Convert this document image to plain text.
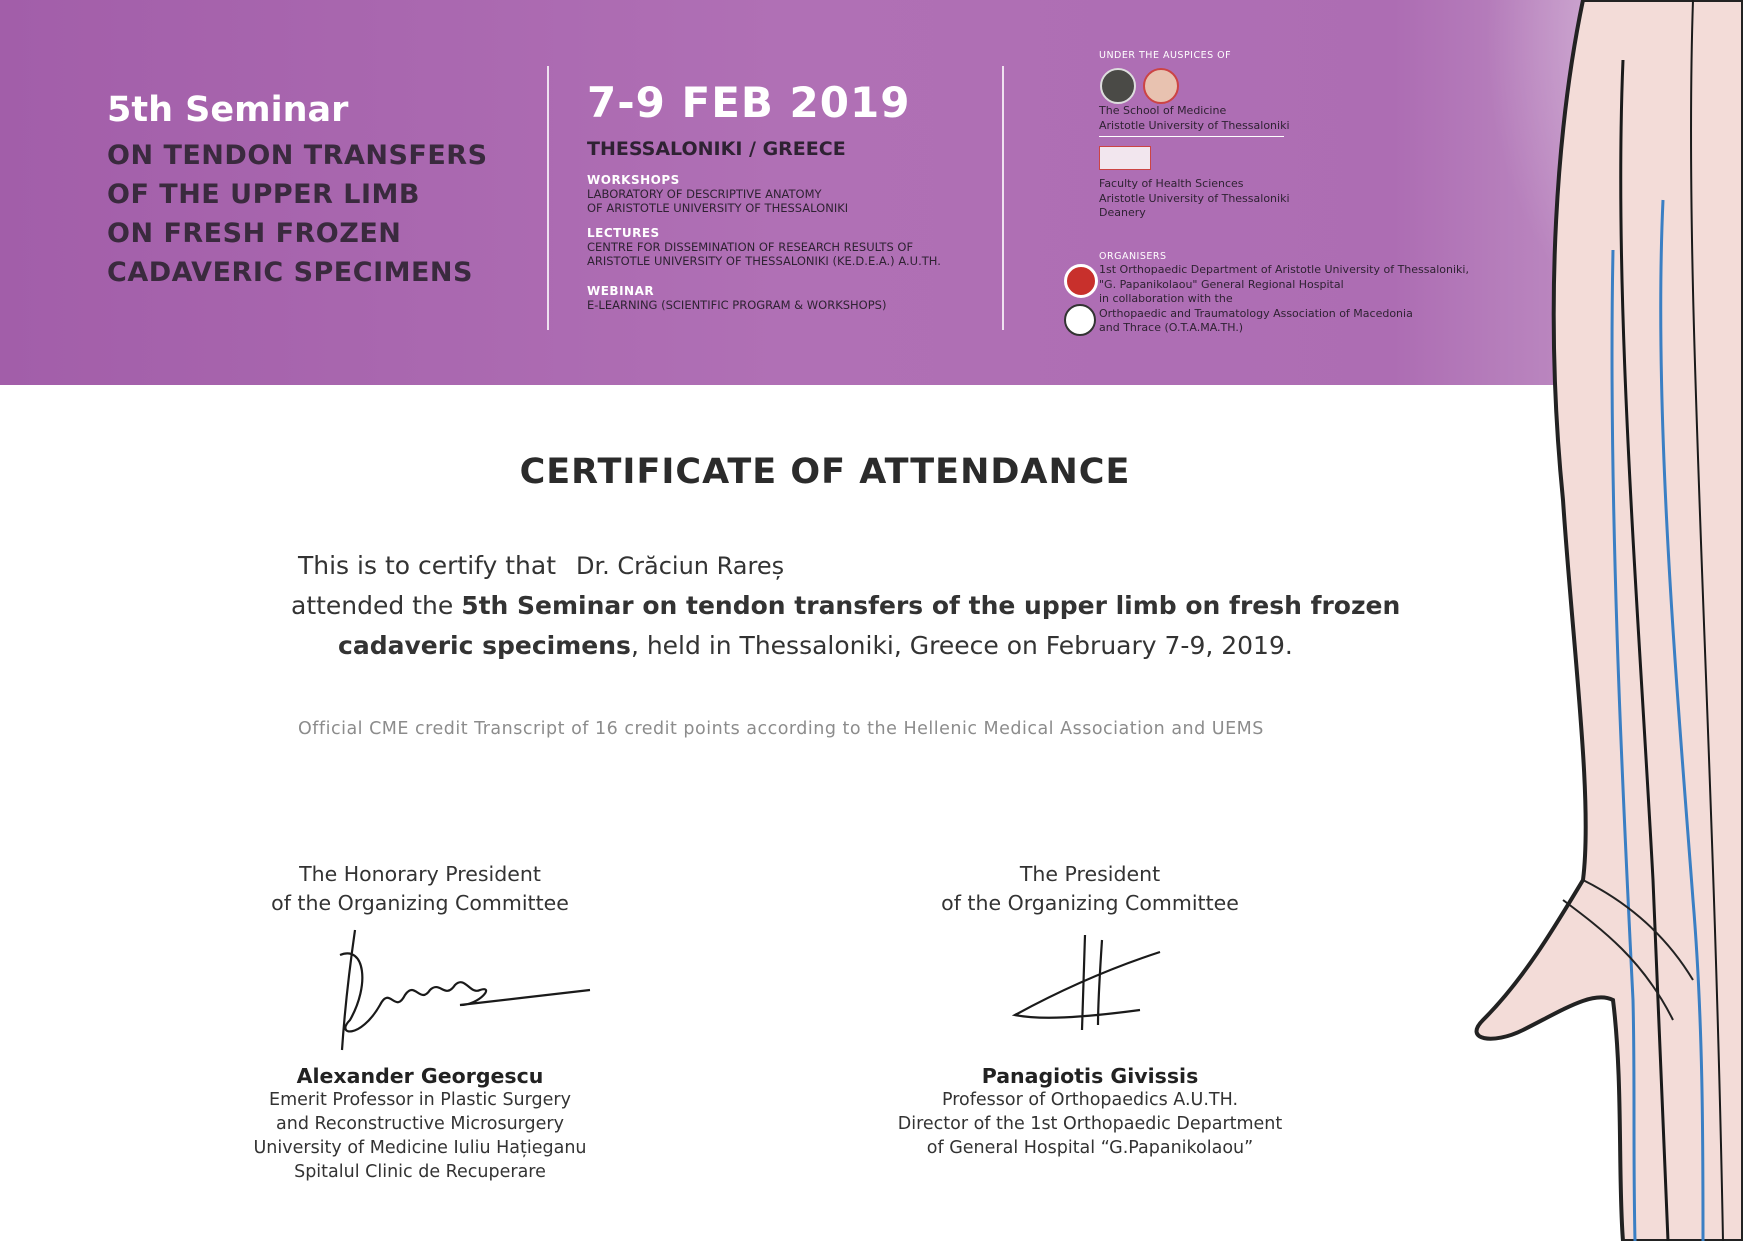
5th Seminar
ON TENDON TRANSFERS
OF THE UPPER LIMB
ON FRESH FROZEN
CADAVERIC SPECIMENS
7-9 FEB 2019
THESSALONIKI / GREECE
WORKSHOPS
LABORATORY OF DESCRIPTIVE ANATOMY
OF ARISTOTLE UNIVERSITY OF THESSALONIKI
LECTURES
CENTRE FOR DISSEMINATION OF RESEARCH RESULTS OF
ARISTOTLE UNIVERSITY OF THESSALONIKI (KE.D.E.A.) A.U.TH.
WEBINAR
E-LEARNING (SCIENTIFIC PROGRAM & WORKSHOPS)
UNDER THE AUSPICES OF
The School of Medicine
Aristotle University of Thessaloniki
Faculty of Health Sciences
Aristotle University of Thessaloniki
Deanery
ORGANISERS
1st Orthopaedic Department of Aristotle University of Thessaloniki,
"G. Papanikolaou" General Regional Hospital
in collaboration with the
Orthopaedic and Traumatology Association of Macedonia
and Thrace (O.T.A.MA.TH.)
CERTIFICATE OF ATTENDANCE
This is to certify that Dr. Crăciun Rareș
attended the 5th Seminar on tendon transfers of the upper limb on fresh frozen
cadaveric specimens, held in Thessaloniki, Greece on February 7-9, 2019.
Official CME credit Transcript of 16 credit points according to the Hellenic Medical Association and UEMS
The Honorary President
of the Organizing Committee
Alexander Georgescu
Emerit Professor in Plastic Surgery
and Reconstructive Microsurgery
University of Medicine Iuliu Hațieganu
Spitalul Clinic de Recuperare
The President
of the Organizing Committee
Panagiotis Givissis
Professor of Orthopaedics A.U.TH.
Director of the 1st Orthopaedic Department
of General Hospital “G.Papanikolaou”
